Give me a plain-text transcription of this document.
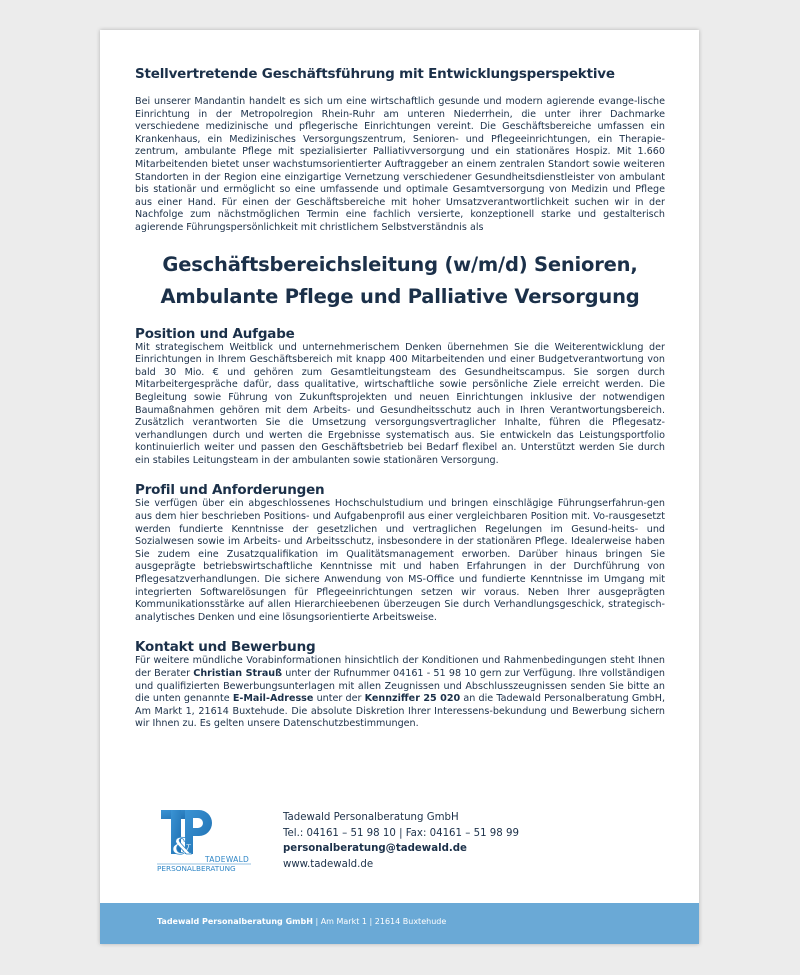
Stellvertretende Geschäftsführung mit Entwicklungsperspektive

Bei unserer Mandantin handelt es sich um eine wirtschaftlich gesunde und modern agierende evange-lische Einrichtung in der Metropolregion Rhein-Ruhr am unteren Niederrhein, die unter ihrer Dachmarke verschiedene medizinische und pflegerische Einrichtungen vereint. Die Geschäftsbereiche umfassen ein Krankenhaus, ein Medizinisches Versorgungszentrum, Senioren- und Pflegeeinrichtungen, ein Therapie-zentrum, ambulante Pflege mit spezialisierter Palliativversorgung und ein stationäres Hospiz. Mit 1.660 Mitarbeitenden bietet unser wachstumsorientierter Auftraggeber an einem zentralen Standort sowie weiteren Standorten in der Region eine einzigartige Vernetzung verschiedener Gesundheitsdienstleister von ambulant bis stationär und ermöglicht so eine umfassende und optimale Gesamtversorgung von Medizin und Pflege aus einer Hand. Für einen der Geschäftsbereiche mit hoher Umsatzverantwortlichkeit suchen wir in der Nachfolge zum nächstmöglichen Termin eine fachlich versierte, konzeptionell starke und gestalterisch agierende Führungspersönlichkeit mit christlichem Selbstverständnis als

Geschäftsbereichsleitung (w/m/d) Senioren,
Ambulante Pflege und Palliative Versorgung

Position und Aufgabe

Mit strategischem Weitblick und unternehmerischem Denken übernehmen Sie die Weiterentwicklung der Einrichtungen in Ihrem Geschäftsbereich mit knapp 400 Mitarbeitenden und einer Budgetverantwortung von bald 30 Mio. € und gehören zum Gesamtleitungsteam des Gesundheitscampus. Sie sorgen durch Mitarbeitergespräche dafür, dass qualitative, wirtschaftliche sowie persönliche Ziele erreicht werden. Die Begleitung sowie Führung von Zukunftsprojekten und neuen Einrichtungen inklusive der notwendigen Baumaßnahmen gehören mit dem Arbeits- und Gesundheitsschutz auch in Ihren Verantwortungsbereich. Zusätzlich verantworten Sie die Umsetzung versorgungsvertraglicher Inhalte, führen die Pflegesatz-verhandlungen durch und werten die Ergebnisse systematisch aus. Sie entwickeln das Leistungsportfolio kontinuierlich weiter und passen den Geschäftsbetrieb bei Bedarf flexibel an. Unterstützt werden Sie durch ein stabiles Leitungsteam in der ambulanten sowie stationären Versorgung.

Profil und Anforderungen

Sie verfügen über ein abgeschlossenes Hochschulstudium und bringen einschlägige Führungserfahrun-gen aus dem hier beschrieben Positions- und Aufgabenprofil aus einer vergleichbaren Position mit. Vo-rausgesetzt werden fundierte Kenntnisse der gesetzlichen und vertraglichen Regelungen im Gesund-heits- und Sozialwesen sowie im Arbeits- und Arbeitsschutz, insbesondere in der stationären Pflege. Idealerweise haben Sie zudem eine Zusatzqualifikation im Qualitätsmanagement erworben. Darüber hinaus bringen Sie ausgeprägte betriebswirtschaftliche Kenntnisse mit und haben Erfahrungen in der Durchführung von Pflegesatzverhandlungen. Die sichere Anwendung von MS-Office und fundierte Kenntnisse im Umgang mit integrierten Softwarelösungen für Pflegeeinrichtungen setzen wir voraus. Neben Ihrer ausgeprägten Kommunikationsstärke auf allen Hierarchieebenen überzeugen Sie durch Verhandlungsgeschick, strategisch-analytisches Denken und eine lösungsorientierte Arbeitsweise.

Kontakt und Bewerbung

Für weitere mündliche Vorabinformationen hinsichtlich der Konditionen und Rahmenbedingungen steht Ihnen der Berater Christian Strauß unter der Rufnummer 04161 - 51 98 10 gern zur Verfügung. Ihre vollständigen und qualifizierten Bewerbungsunterlagen mit allen Zeugnissen und Abschlusszeugnissen senden Sie bitte an die unten genannte E-Mail-Adresse unter der Kennziffer 25 020 an die Tadewald Personalberatung GmbH, Am Markt 1, 21614 Buxtehude. Die absolute Diskretion Ihrer Interessens-bekundung und Bewerbung sichern wir Ihnen zu. Es gelten unsere Datenschutzbestimmungen.

& TADEWALD
PERSONALBERATUNG
Tadewald Personalberatung GmbH
Tel.: 04161 – 51 98 10 | Fax: 04161 – 51 98 99
personalberatung@tadewald.de
www.tadewald.de
Tadewald Personalberatung GmbH | Am Markt 1 | 21614 Buxtehude
